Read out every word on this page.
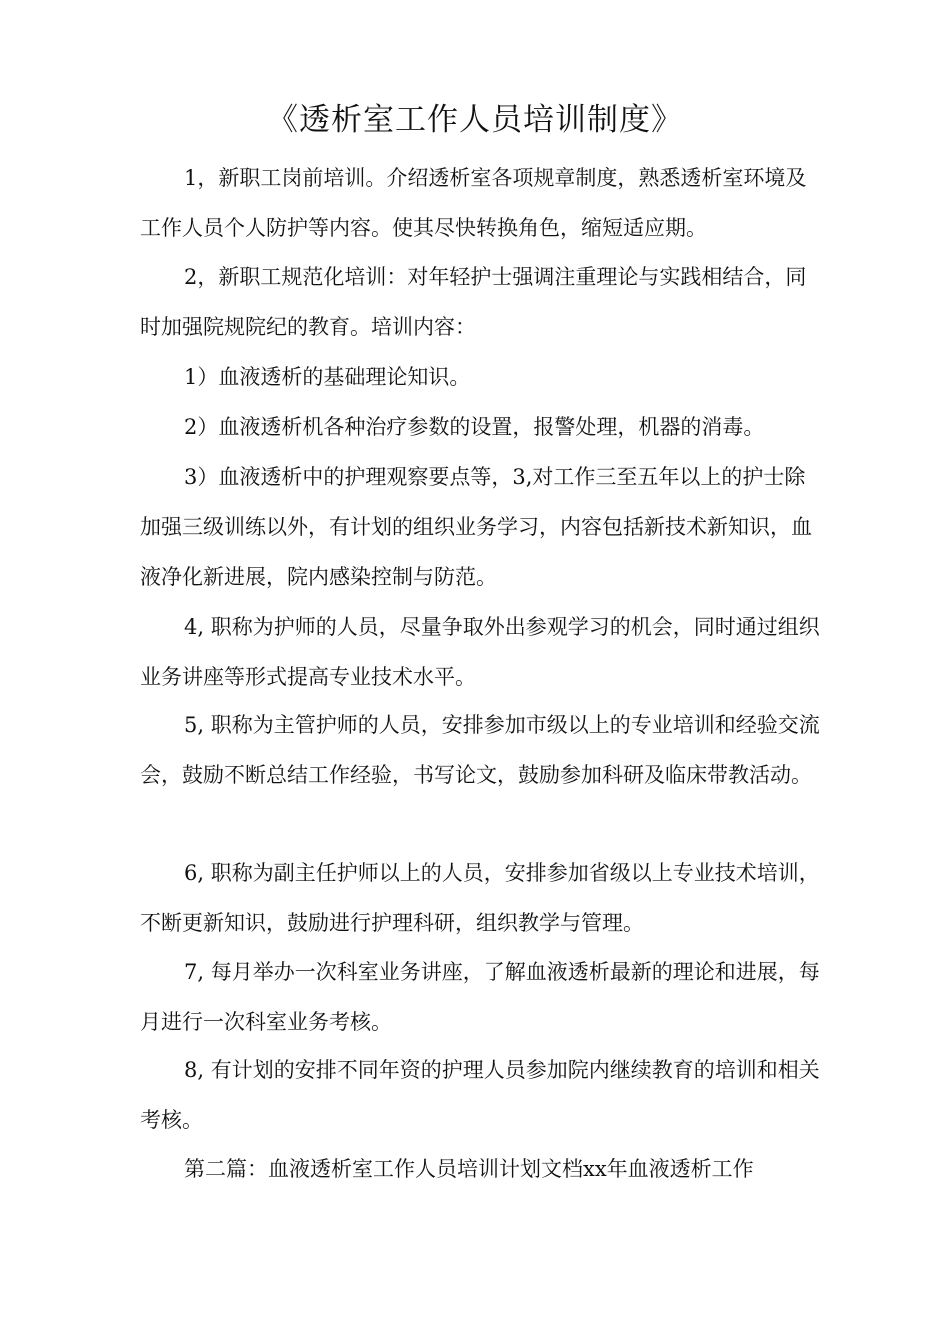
《透析室工作人员培训制度》

1，新职工岗前培训。介绍透析室各项规章制度，熟悉透析室环境及工作人员个人防护等内容。使其尽快转换角色，缩短适应期。

2，新职工规范化培训：对年轻护士强调注重理论与实践相结合，同时加强院规院纪的教育。培训内容：

1）血液透析的基础理论知识。

2）血液透析机各种治疗参数的设置，报警处理，机器的消毒。

3）血液透析中的护理观察要点等，3,对工作三至五年以上的护士除加强三级训练以外，有计划的组织业务学习，内容包括新技术新知识，血液净化新进展，院内感染控制与防范。

4, 职称为护师的人员，尽量争取外出参观学习的机会，同时通过组织业务讲座等形式提高专业技术水平。

5, 职称为主管护师的人员，安排参加市级以上的专业培训和经验交流会，鼓励不断总结工作经验，书写论文，鼓励参加科研及临床带教活动。

6, 职称为副主任护师以上的人员，安排参加省级以上专业技术培训，不断更新知识，鼓励进行护理科研，组织教学与管理。

7, 每月举办一次科室业务讲座，了解血液透析最新的理论和进展，每月进行一次科室业务考核。

8, 有计划的安排不同年资的护理人员参加院内继续教育的培训和相关考核。

第二篇：血液透析室工作人员培训计划文档xx年血液透析工作
